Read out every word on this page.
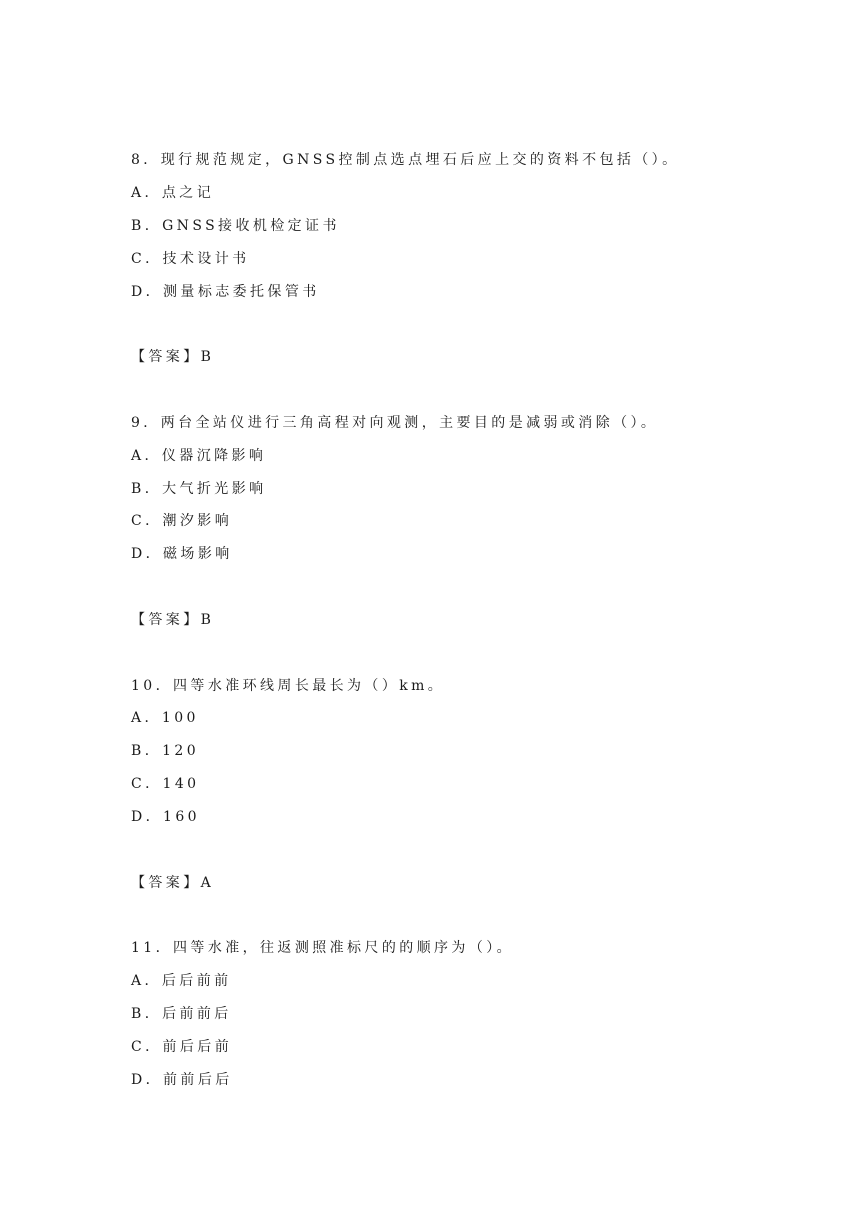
8．现行规范规定，GNSS控制点选点埋石后应上交的资料不包括（）。
A．点之记
B．GNSS接收机检定证书
C．技术设计书
D．测量标志委托保管书
【答案】B
9．两台全站仪进行三角高程对向观测，主要目的是减弱或消除（）。
A．仪器沉降影响
B．大气折光影响
C．潮汐影响
D．磁场影响
【答案】B
10．四等水准环线周长最长为（）km。
A．100
B．120
C．140
D．160
【答案】A
11．四等水准，往返测照准标尺的的顺序为（）。
A．后后前前
B．后前前后
C．前后后前
D．前前后后
